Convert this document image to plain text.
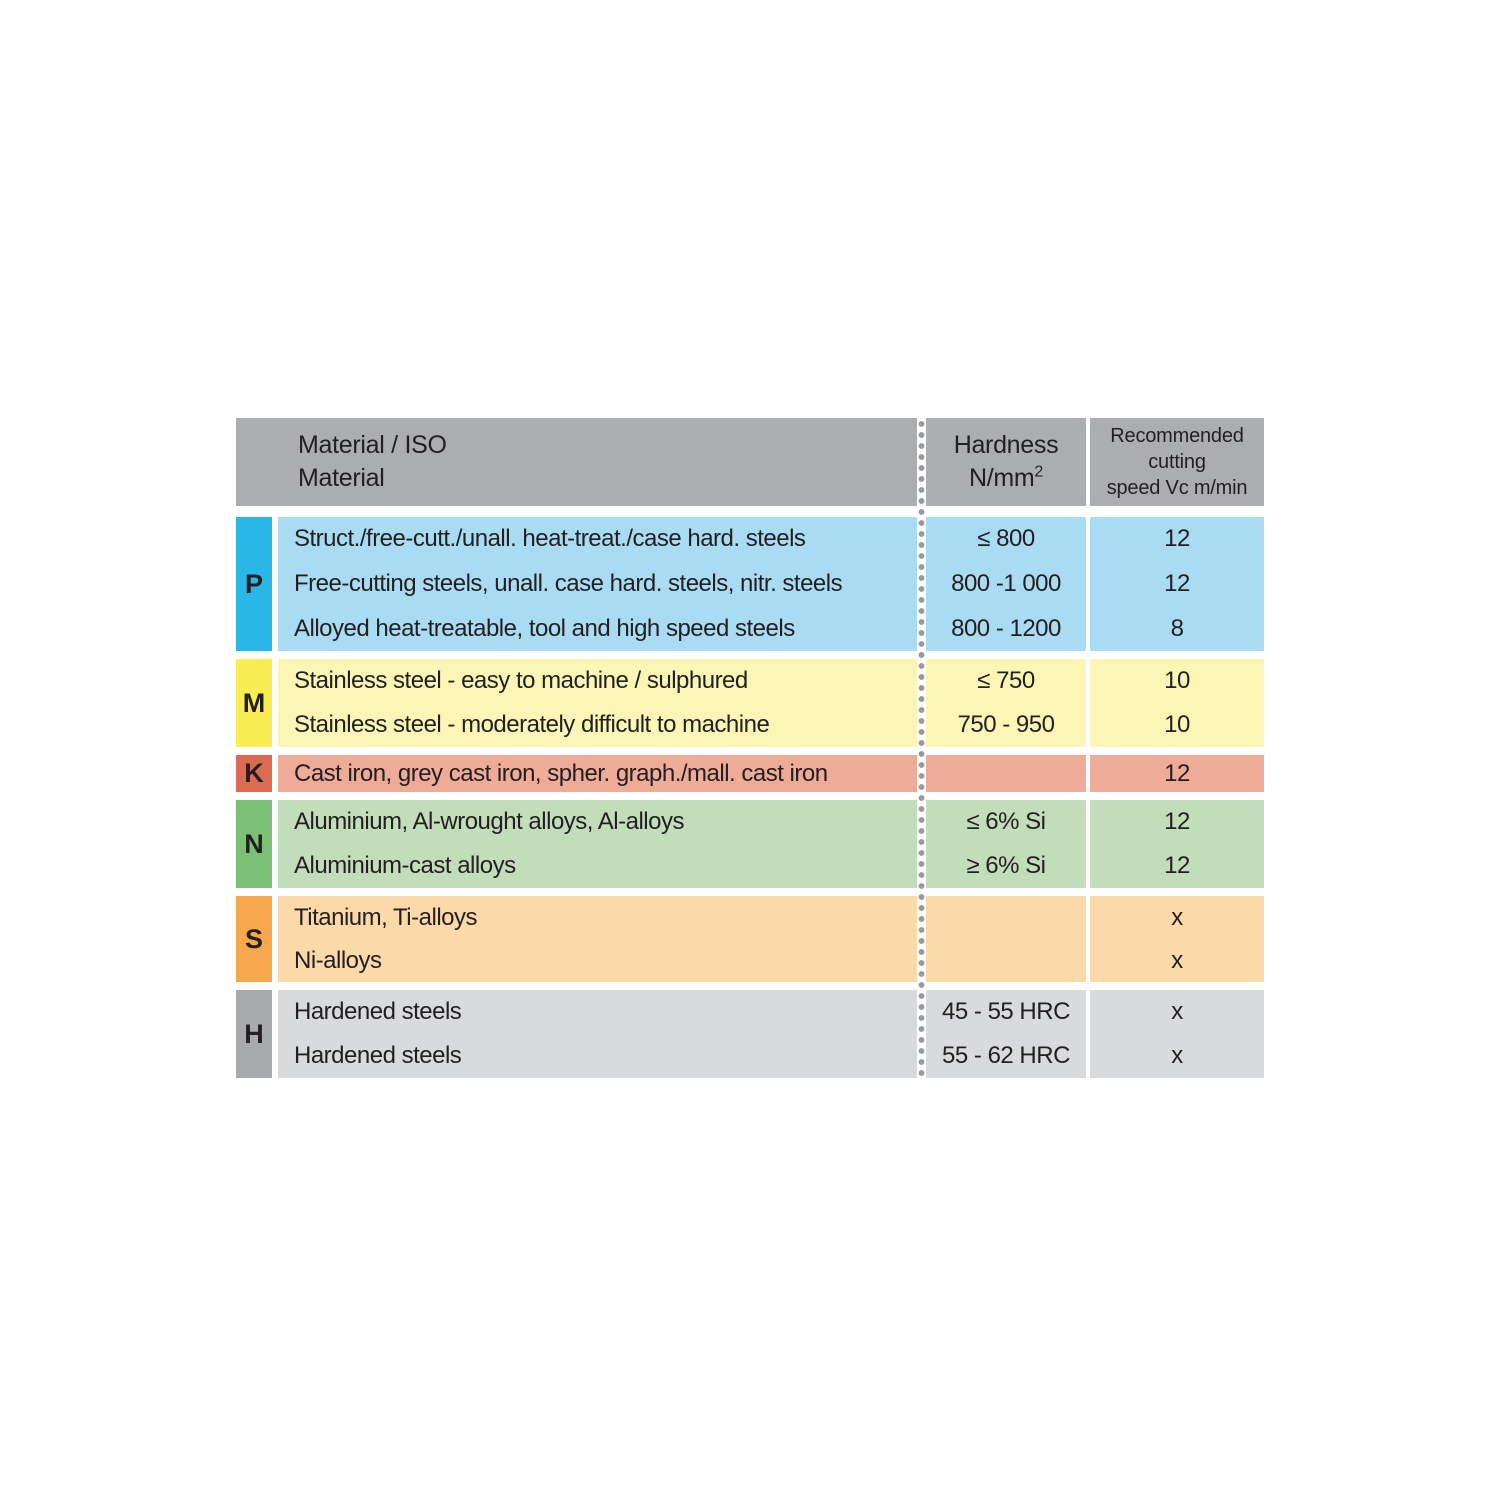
Material / ISO
Material
Hardness
$N/mm^2$
Recommended
cutting
speed Vc m/min
P
Struct./free-cutt./unall. heat-treat./case hard. steels
Free-cutting steels, unall. case hard. steels, nitr. steels
Alloyed heat-treatable, tool and high speed steels
≤ 800
800 -1 000
800 - 1200
12
12
8
M
Stainless steel - easy to machine / sulphured
Stainless steel - moderately difficult to machine
≤ 750
750 - 950
10
10
K Cast iron, grey cast iron, spher. graph./mall. cast iron	12
N
Aluminium, Al-wrought alloys, Al-alloys
Aluminium-cast alloys
≤ 6% Si
≥ 6% Si
12
12
S
Titanium, Ti-alloys
Ni-alloys
x
x
H
Hardened steels
Hardened steels
45 - 55 HRC
55 - 62 HRC
x
x
